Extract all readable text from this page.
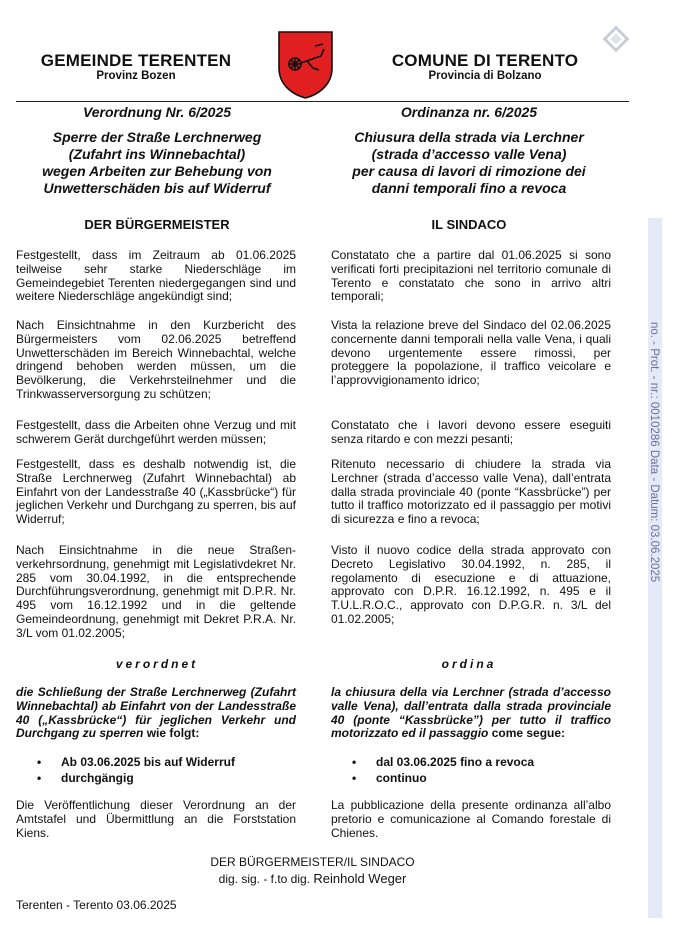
GEMEINDE TERENTEN
Provinz Bozen
COMUNE DI TERENTO
Provincia di Bolzano
Verordnung Nr. 6/2025	Ordinanza nr. 6/2025
Sperre der Straße Lerchnerweg
(Zufahrt ins Winnebachtal)
wegen Arbeiten zur Behebung von
Unwetterschäden bis auf Widerruf
Chiusura della strada via Lerchner
(strada d’accesso valle Vena)
per causa di lavori di rimozione dei
danni temporali fino a revoca
DER BÜRGERMEISTER	IL SINDACO
Festgestellt, dass im Zeitraum ab 01.06.2025 teilweise sehr starke Niederschläge im Gemeindegebiet Terenten niedergegangen sind und weitere Niederschläge angekündigt sind;
Nach Einsichtnahme in den Kurzbericht des Bürgermeisters vom 02.06.2025 betreffend Unwetterschäden im Bereich Winnebachtal, welche dringend behoben werden müssen, um die Bevölkerung, die Verkehrsteilnehmer und die Trinkwasserversorgung zu schützen;
Festgestellt, dass die Arbeiten ohne Verzug und mit schwerem Gerät durchgeführt werden müssen;
Festgestellt, dass es deshalb notwendig ist, die Straße Lerchnerweg (Zufahrt Winnebachtal) ab Einfahrt von der Landesstraße 40 („Kassbrücke“) für jeglichen Verkehr und Durchgang zu sperren, bis auf Widerruf;
Nach Einsichtnahme in die neue Straßen-verkehrsordnung, genehmigt mit Legislativdekret Nr. 285 vom 30.04.1992, in die entsprechende Durchführungsverordnung, genehmigt mit D.P.R. Nr. 495 vom 16.12.1992 und in die geltende Gemeindeordnung, genehmigt mit Dekret P.R.A. Nr. 3/L vom 01.02.2005;
Constatato che a partire dal 01.06.2025 si sono verificati forti precipitazioni nel territorio comunale di Terento e constatato che sono in arrivo altri temporali;
Vista la relazione breve del Sindaco del 02.06.2025 concernente danni temporali nella valle Vena, i quali devono urgentemente essere rimossi, per proteggere la popolazione, il traffico veicolare e l’approvvigionamento idrico;
Constatato che i lavori devono essere eseguiti senza ritardo e con mezzi pesanti;
Ritenuto necessario di chiudere la strada via Lerchner (strada d’accesso valle Vena), dall’entrata dalla strada provinciale 40 (ponte “Kassbrücke”) per tutto il traffico motorizzato ed il passaggio per motivi di sicurezza e fino a revoca;
Visto il nuovo codice della strada approvato con Decreto Legislativo 30.04.1992, n. 285, il regolamento di esecuzione e di attuazione, approvato con D.P.R. 16.12.1992, n. 495 e il T.U.L.R.O.C., approvato con D.P.G.R. n. 3/L del 01.02.2005;
verordnet	ordina
die Schließung der Straße Lerchnerweg (Zufahrt Winnebachtal) ab Einfahrt von der Landesstraße 40 („Kassbrücke“) für jeglichen Verkehr und Durchgang zu sperren wie folgt:
la chiusura della via Lerchner (strada d’accesso valle Vena), dall’entrata dalla strada provinciale 40 (ponte “Kassbrücke”) per tutto il traffico motorizzato ed il passaggio come segue:
• Ab 03.06.2025 bis auf Widerruf
• durchgängig
• dal 03.06.2025 fino a revoca
• continuo
Die Veröffentlichung dieser Verordnung an der Amtstafel und Übermittlung an die Forststation Kiens.
La pubblicazione della presente ordinanza all’albo pretorio e comunicazione al Comando forestale di Chienes.
DER BÜRGERMEISTER/IL SINDACO
dig. sig. - f.to dig. Reinhold Weger
Terenten - Terento 03.06.2025
no. - Prot. - nr.: 0010286 Data - Datum: 03.06.2025
